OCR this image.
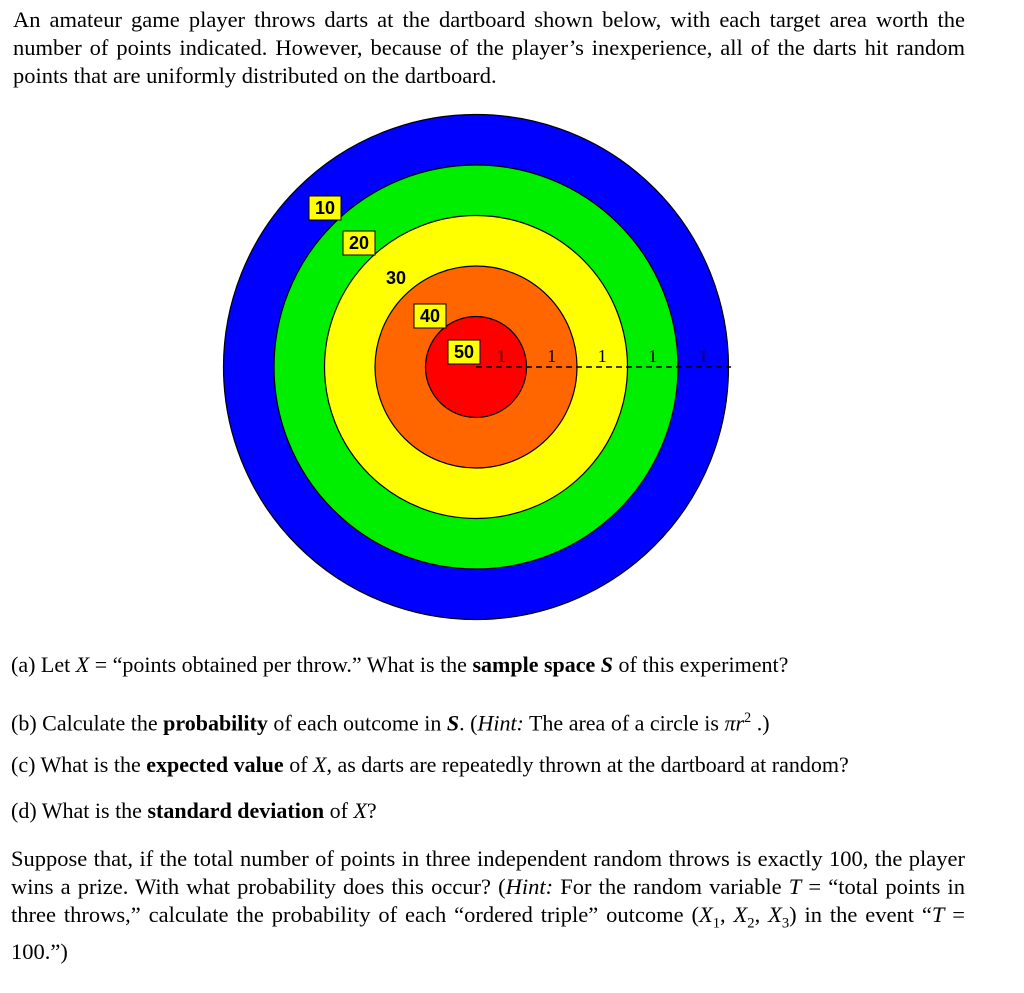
An amateur game player throws darts at the dartboard shown below, with each target area worth the number of points indicated. However, because of the player’s inexperience, all of the darts hit random points that are uniformly distributed on the dartboard.
10
20
30
40
50 1 1 1 1 1
(a) Let X = “points obtained per throw.” What is the sample space S of this experiment?
(b) Calculate the probability of each outcome in S. (Hint: The area of a circle is $\pi r^2$ .)
(c) What is the expected value of X, as darts are repeatedly thrown at the dartboard at random?
(d) What is the standard deviation of X?
Suppose that, if the total number of points in three independent random throws is exactly 100, the player wins a prize. With what probability does this occur? (Hint: For the random variable T = “total points in three throws,” calculate the probability of each “ordered triple” outcome ($X_1$, $X_2$, $X_3$) in the event “T = 100.”)
